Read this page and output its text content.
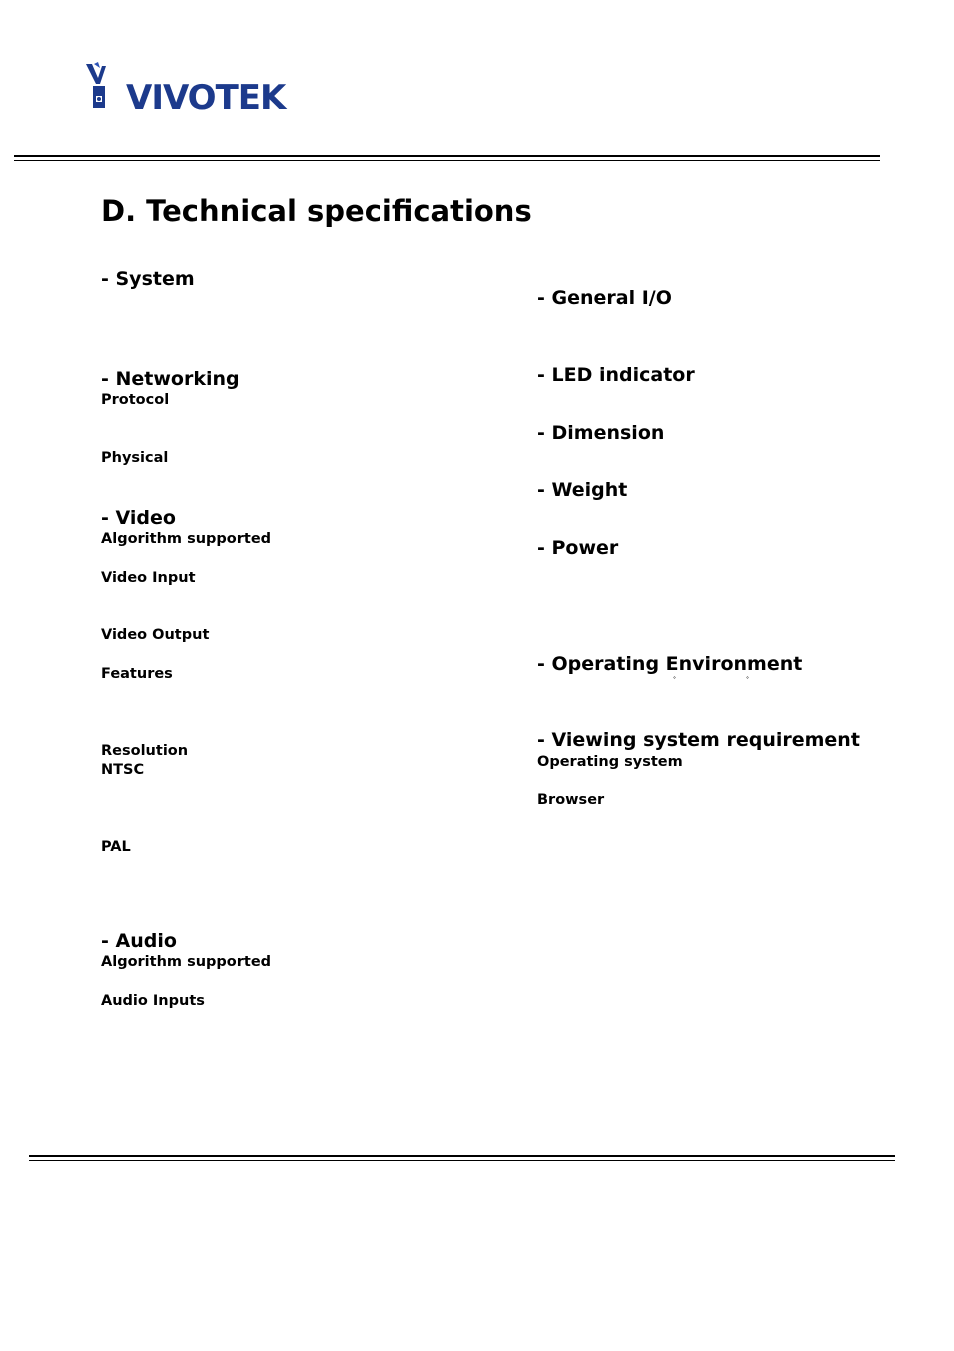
VIVOTEK
D. Technical specifications
- System
- Networking
Protocol
Physical
- Video
Algorithm supported
Video Input
Video Output
Features
Resolution
NTSC
PAL
- Audio
Algorithm supported
Audio Inputs
- General I/O
- LED indicator
- Dimension
- Weight
- Power
- Operating Environment
°	°
- Viewing system requirement
Operating system
Browser
